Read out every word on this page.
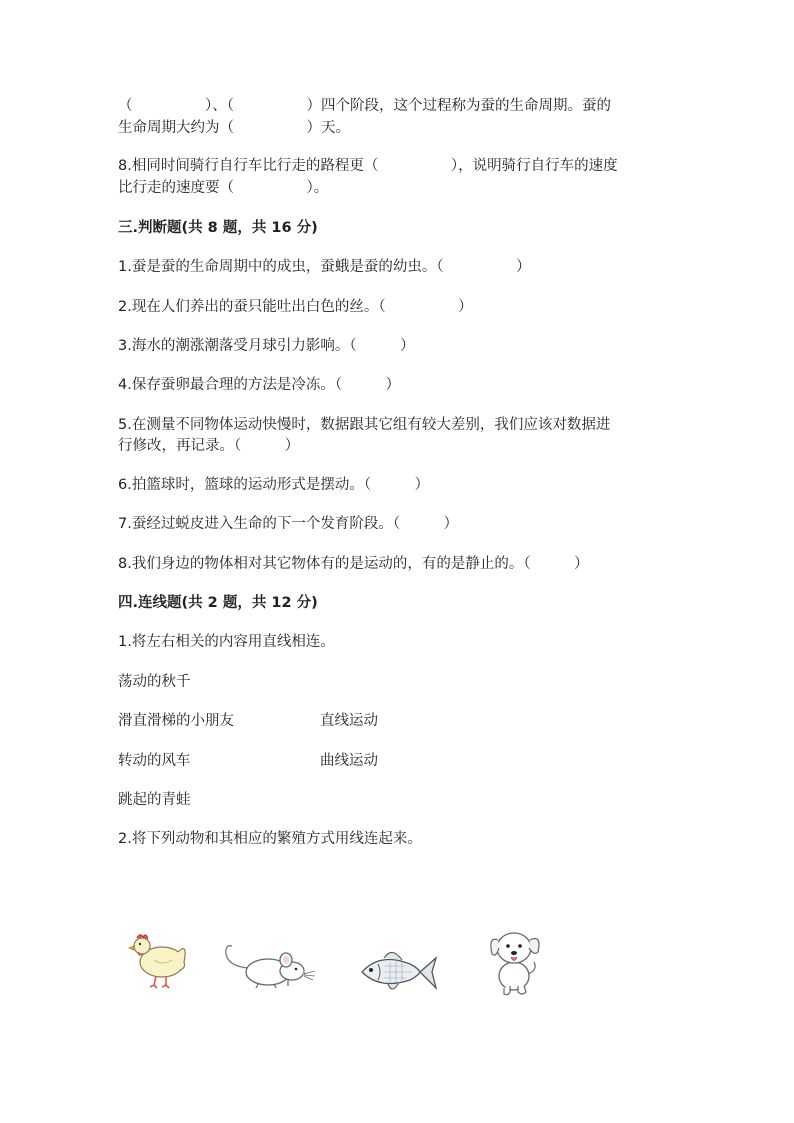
（　　　　　）、（　　　　　）四个阶段，这个过程称为蚕的生命周期。蚕的
生命周期大约为（　　　　　）天。
8.相同时间骑行自行车比行走的路程更（　　　　　），说明骑行自行车的速度
比行走的速度要（　　　　　）。
三.判断题(共 8 题，共 16 分)
1.蚕是蚕的生命周期中的成虫，蚕蛾是蚕的幼虫。（　　　　　）
2.现在人们养出的蚕只能吐出白色的丝。（　　　　　）
3.海水的潮涨潮落受月球引力影响。（　　　）
4.保存蚕卵最合理的方法是冷冻。（　　　）
5.在测量不同物体运动快慢时，数据跟其它组有较大差别，我们应该对数据进
行修改，再记录。（　　　）
6.拍篮球时，篮球的运动形式是摆动。（　　　）
7.蚕经过蜕皮进入生命的下一个发育阶段。（　　　）
8.我们身边的物体相对其它物体有的是运动的，有的是静止的。（　　　）
四.连线题(共 2 题，共 12 分)
1.将左右相关的内容用直线相连。
荡动的秋千
滑直滑梯的小朋友	直线运动
转动的风车	曲线运动
跳起的青蛙
2.将下列动物和其相应的繁殖方式用线连起来。
